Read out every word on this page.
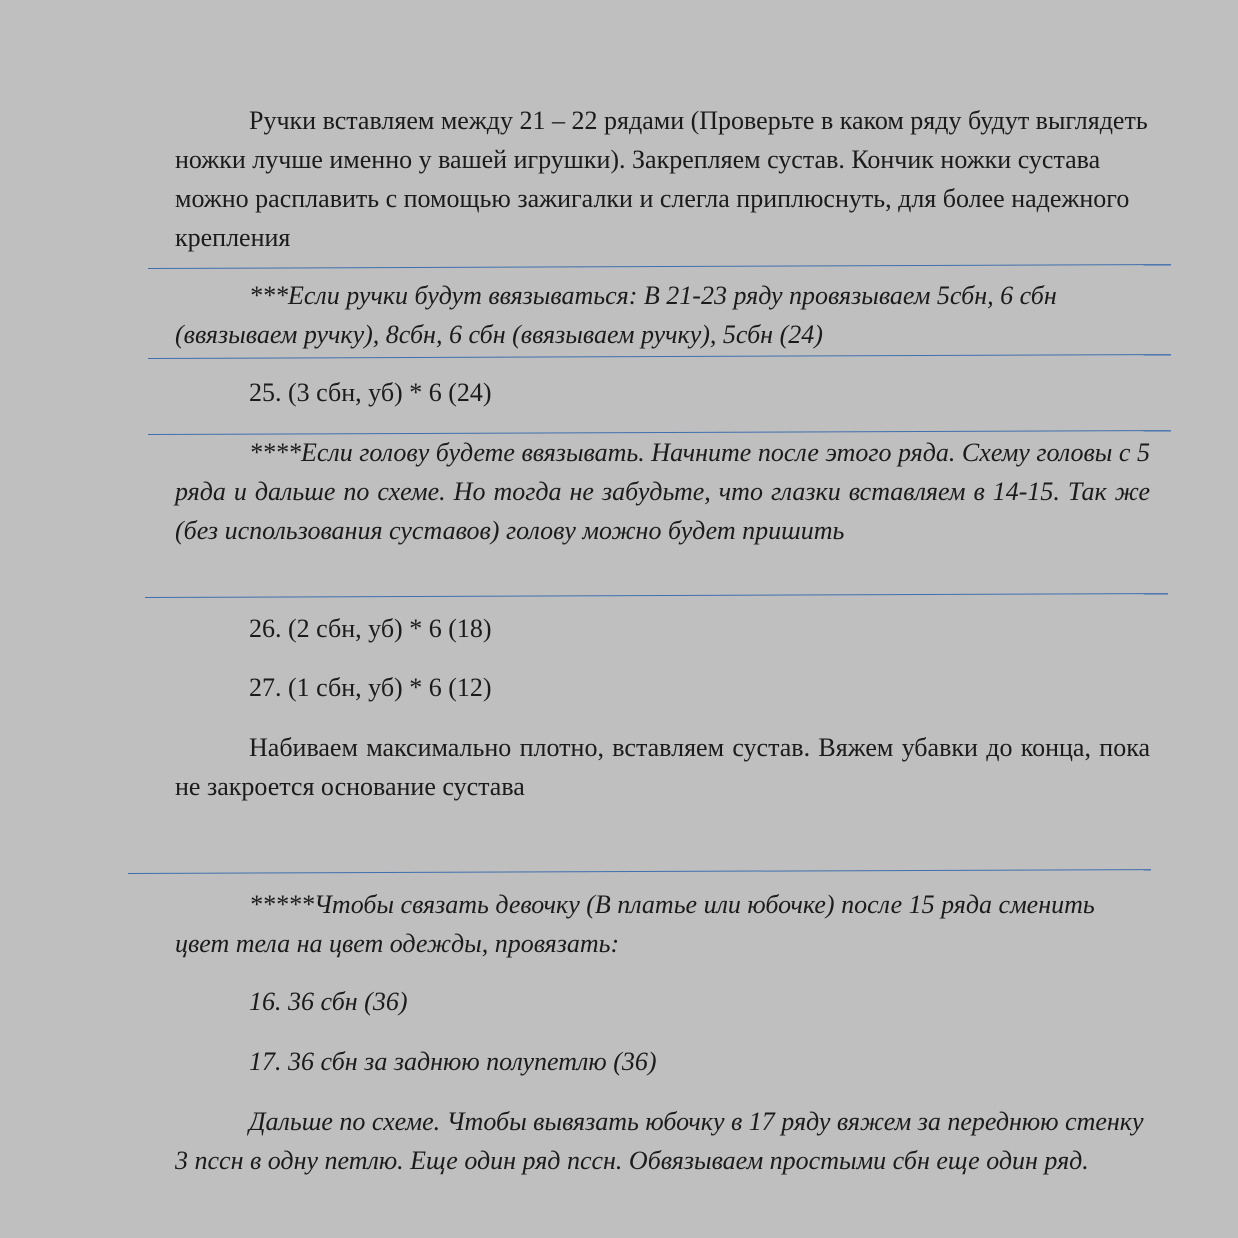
Ручки вставляем между 21 – 22 рядами (Проверьте в каком ряду будут выглядеть ножки лучше именно у вашей игрушки). Закрепляем сустав. Кончик ножки сустава можно расплавить с помощью зажигалки и слегла приплюснуть, для более надежного крепления

***Если ручки будут ввязываться: В 21-23 ряду провязываем 5сбн, 6 сбн (ввязываем ручку), 8сбн, 6 сбн (ввязываем ручку), 5сбн (24)

25. (3 сбн, уб) * 6 (24)

****Если голову будете ввязывать. Начните после этого ряда. Схему головы с 5 ряда и дальше по схеме. Но тогда не забудьте, что глазки вставляем в 14-15. Так же (без использования суставов) голову можно будет пришить

26. (2 сбн, уб) * 6 (18)

27. (1 сбн, уб) * 6 (12)

Набиваем максимально плотно, вставляем сустав. Вяжем убавки до конца, пока не закроется основание сустава

*****Чтобы связать девочку (В платье или юбочке) после 15 ряда сменить цвет тела на цвет одежды, провязать:

16. 36 сбн (36)

17. 36 сбн за заднюю полупетлю (36)

Дальше по схеме. Чтобы вывязать юбочку в 17 ряду вяжем за переднюю стенку 3 пссн в одну петлю. Еще один ряд пссн. Обвязываем простыми сбн еще один ряд.
